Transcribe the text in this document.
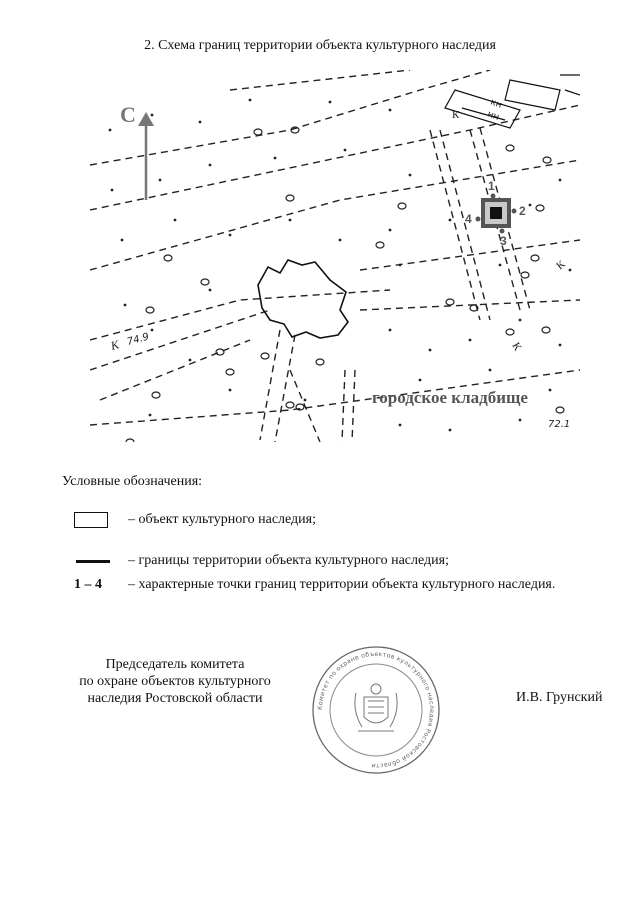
2. Схема границ территории объекта культурного наследия
нн
кн
С
1
2
3
4
К
К
К
К
74.9
72.1
городское кладбище
Условные обозначения:
– объект культурного наследия;
– границы территории объекта культурного наследия;
1 – 4 – характерные точки границ территории объекта культурного наследия.
Председатель комитета
по охране объектов культурного
наследия Ростовской области
Комитет по охране объектов культурного наследия Ростовской области
И.В. Грунский
